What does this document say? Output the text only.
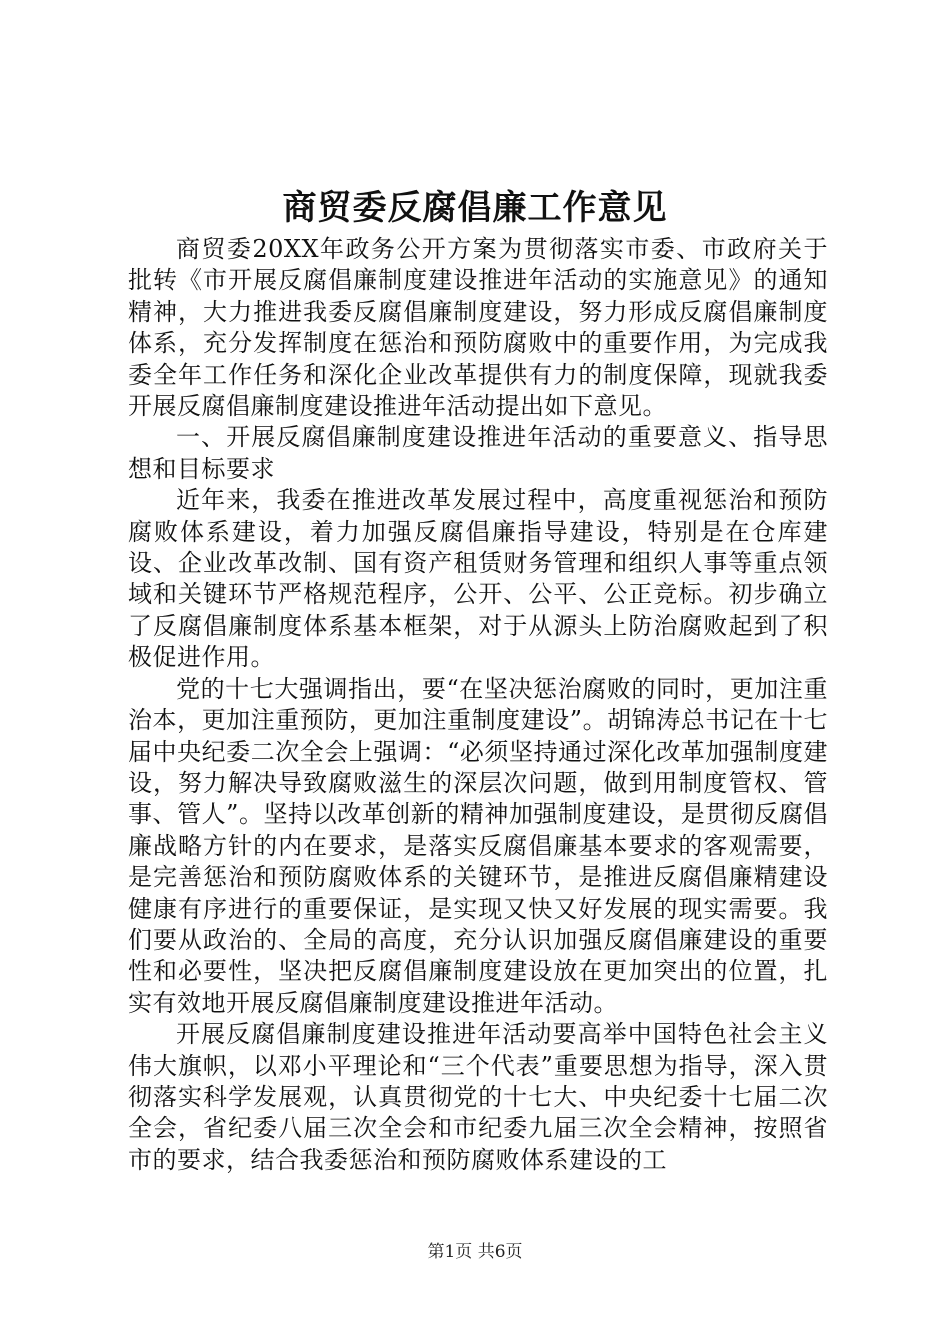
商贸委反腐倡廉工作意见

商贸委20XX年政务公开方案为贯彻落实市委、市政府关于批转《市开展反腐倡廉制度建设推进年活动的实施意见》的通知精神，大力推进我委反腐倡廉制度建设，努力形成反腐倡廉制度体系，充分发挥制度在惩治和预防腐败中的重要作用，为完成我委全年工作任务和深化企业改革提供有力的制度保障，现就我委开展反腐倡廉制度建设推进年活动提出如下意见。

一、开展反腐倡廉制度建设推进年活动的重要意义、指导思想和目标要求

近年来，我委在推进改革发展过程中，高度重视惩治和预防腐败体系建设，着力加强反腐倡廉指导建设，特别是在仓库建设、企业改革改制、国有资产租赁财务管理和组织人事等重点领域和关键环节严格规范程序，公开、公平、公正竞标。初步确立了反腐倡廉制度体系基本框架，对于从源头上防治腐败起到了积极促进作用。

党的十七大强调指出，要“在坚决惩治腐败的同时，更加注重治本，更加注重预防，更加注重制度建设”。胡锦涛总书记在十七届中央纪委二次全会上强调：“必须坚持通过深化改革加强制度建设，努力解决导致腐败滋生的深层次问题，做到用制度管权、管事、管人”。坚持以改革创新的精神加强制度建设，是贯彻反腐倡廉战略方针的内在要求，是落实反腐倡廉基本要求的客观需要，是完善惩治和预防腐败体系的关键环节，是推进反腐倡廉精建设健康有序进行的重要保证，是实现又快又好发展的现实需要。我们要从政治的、全局的高度，充分认识加强反腐倡廉建设的重要性和必要性，坚决把反腐倡廉制度建设放在更加突出的位置，扎实有效地开展反腐倡廉制度建设推进年活动。

开展反腐倡廉制度建设推进年活动要高举中国特色社会主义伟大旗帜，以邓小平理论和“三个代表”重要思想为指导，深入贯彻落实科学发展观，认真贯彻党的十七大、中央纪委十七届二次全会，省纪委八届三次全会和市纪委九届三次全会精神，按照省市的要求，结合我委惩治和预防腐败体系建设的工

第1页 共6页
